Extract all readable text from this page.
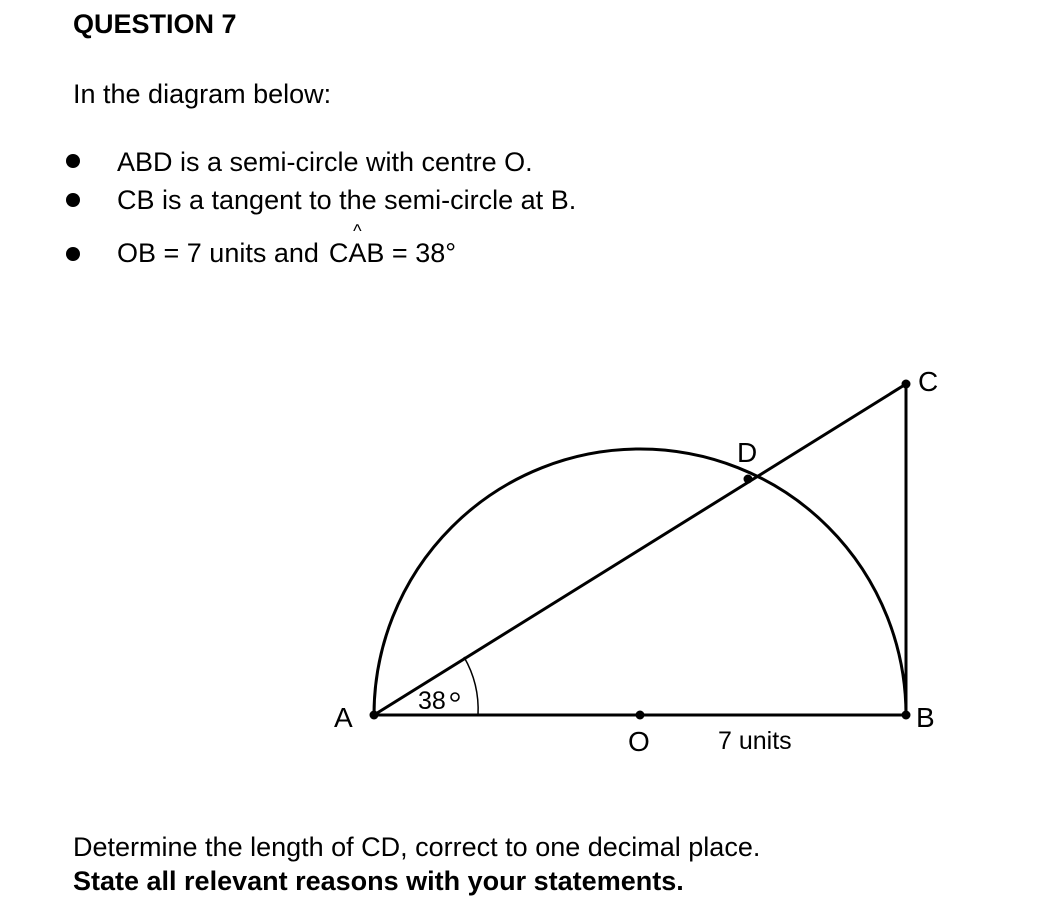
QUESTION 7
In the diagram below:
ABD is a semi-circle with centre O.
CB is a tangent to the semi-circle at B.
OB = 7 units and C
^
AB = 38°
A	B
C
D
O
38
7 units
Determine the length of CD, correct to one decimal place.
State all relevant reasons with your statements.
